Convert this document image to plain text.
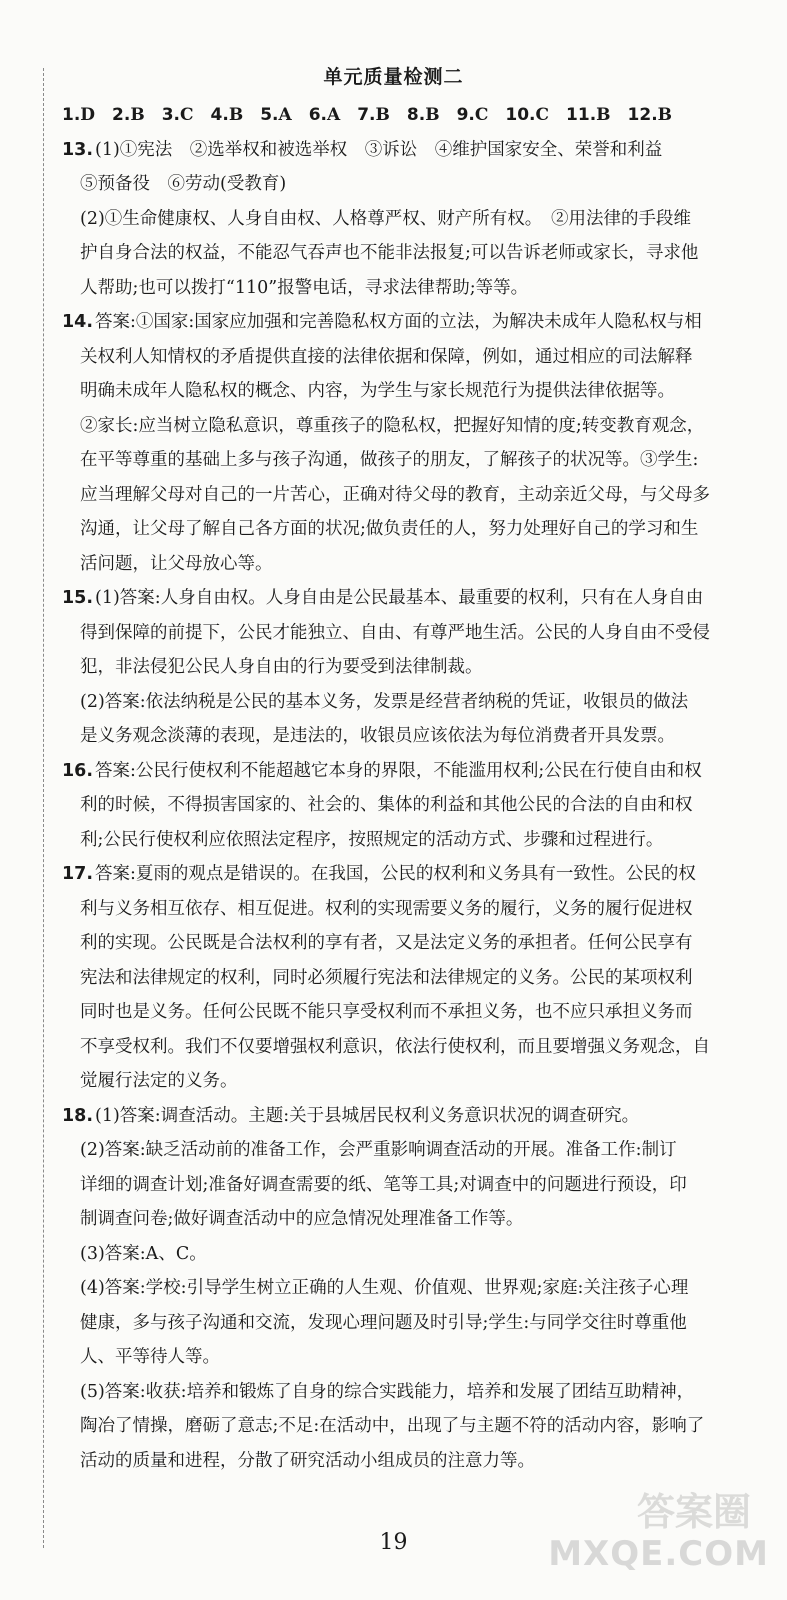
单元质量检测二
1.D 2.B 3.C 4.B 5.A 6.A 7.B 8.B 9.C 10.C 11.B 12.B
13. (1)①宪法　②选举权和被选举权　③诉讼　④维护国家安全、荣誉和利益
⑤预备役　⑥劳动(受教育)
(2)①生命健康权、人身自由权、人格尊严权、财产所有权。　②用法律的手段维
护自身合法的权益，不能忍气吞声也不能非法报复;可以告诉老师或家长，寻求他
人帮助;也可以拨打“110”报警电话，寻求法律帮助;等等。
14. 答案:①国家:国家应加强和完善隐私权方面的立法，为解决未成年人隐私权与相
关权利人知情权的矛盾提供直接的法律依据和保障，例如，通过相应的司法解释
明确未成年人隐私权的概念、内容，为学生与家长规范行为提供法律依据等。
②家长:应当树立隐私意识，尊重孩子的隐私权，把握好知情的度;转变教育观念，
在平等尊重的基础上多与孩子沟通，做孩子的朋友，了解孩子的状况等。③学生:
应当理解父母对自己的一片苦心，正确对待父母的教育，主动亲近父母，与父母多
沟通，让父母了解自己各方面的状况;做负责任的人，努力处理好自己的学习和生
活问题，让父母放心等。
15. (1)答案:人身自由权。人身自由是公民最基本、最重要的权利，只有在人身自由
得到保障的前提下，公民才能独立、自由、有尊严地生活。公民的人身自由不受侵
犯，非法侵犯公民人身自由的行为要受到法律制裁。
(2)答案:依法纳税是公民的基本义务，发票是经营者纳税的凭证，收银员的做法
是义务观念淡薄的表现，是违法的，收银员应该依法为每位消费者开具发票。
16. 答案:公民行使权利不能超越它本身的界限，不能滥用权利;公民在行使自由和权
利的时候，不得损害国家的、社会的、集体的利益和其他公民的合法的自由和权
利;公民行使权利应依照法定程序，按照规定的活动方式、步骤和过程进行。
17. 答案:夏雨的观点是错误的。在我国，公民的权利和义务具有一致性。公民的权
利与义务相互依存、相互促进。权利的实现需要义务的履行，义务的履行促进权
利的实现。公民既是合法权利的享有者，又是法定义务的承担者。任何公民享有
宪法和法律规定的权利，同时必须履行宪法和法律规定的义务。公民的某项权利
同时也是义务。任何公民既不能只享受权利而不承担义务，也不应只承担义务而
不享受权利。我们不仅要增强权利意识，依法行使权利，而且要增强义务观念，自
觉履行法定的义务。
18. (1)答案:调查活动。主题:关于县城居民权利义务意识状况的调查研究。
(2)答案:缺乏活动前的准备工作，会严重影响调查活动的开展。准备工作:制订
详细的调查计划;准备好调查需要的纸、笔等工具;对调查中的问题进行预设，印
制调查问卷;做好调查活动中的应急情况处理准备工作等。
(3)答案:A、C。
(4)答案:学校:引导学生树立正确的人生观、价值观、世界观;家庭:关注孩子心理
健康，多与孩子沟通和交流，发现心理问题及时引导;学生:与同学交往时尊重他
人、平等待人等。
(5)答案:收获:培养和锻炼了自身的综合实践能力，培养和发展了团结互助精神，
陶冶了情操，磨砺了意志;不足:在活动中，出现了与主题不符的活动内容，影响了
活动的质量和进程，分散了研究活动小组成员的注意力等。
19
答案圈
MXQE.COM
